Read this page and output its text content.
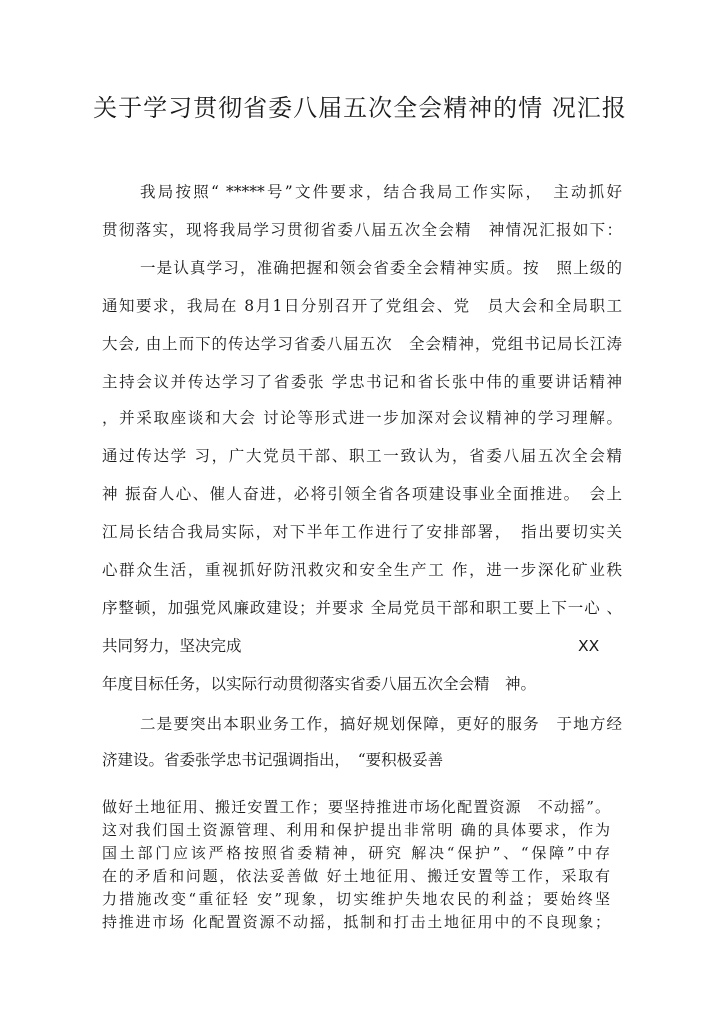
关于学习贯彻省委八届五次全会精神的情 况汇报
我局按照“ *****号”文件要求，结合我局工作实际，　主动抓好
贯彻落实，现将我局学习贯彻省委八届五次全会精　神情况汇报如下：
一是认真学习，准确把握和领会省委全会精神实质。按　照上级的
通知要求，我局在 8月1日分别召开了党组会、党　员大会和全局职工
大会, 由上而下的传达学习省委八届五次　全会精神，党组书记局长江涛
主持会议并传达学习了省委张 学忠书记和省长张中伟的重要讲话精神
，并采取座谈和大会 讨论等形式进一步加深对会议精神的学习理解。
通过传达学 习，广大党员干部、职工一致认为，省委八届五次全会精
神 振奋人心、催人奋进，必将引领全省各项建设事业全面推进。　会上
江局长结合我局实际，对下半年工作进行了安排部署，　指出要切实关
心群众生活，重视抓好防汛救灾和安全生产工 作，进一步深化矿业秩
序整顿，加强党风廉政建设；并要求 全局党员干部和职工要上下一心 、
共同努力，坚决完成	XX
年度目标任务，以实际行动贯彻落实省委八届五次全会精　神。
二是要突出本职业务工作，搞好规划保障，更好的服务　于地方经
济建设。省委张学忠书记强调指出，　“要积极妥善
做好土地征用、搬迁安置工作；要坚持推进市场化配置资源　不动摇”。
这对我们国土资源管理、利用和保护提出非常明 确的具体要求，作为
国土部门应该严格按照省委精神，研究 解决“保护”、“保障”中存
在的矛盾和问题，依法妥善做 好土地征用、搬迁安置等工作，采取有
力措施改变“重征轻 安”现象，切实维护失地农民的利益；要始终坚
持推进市场 化配置资源不动摇，抵制和打击土地征用中的不良现象；
